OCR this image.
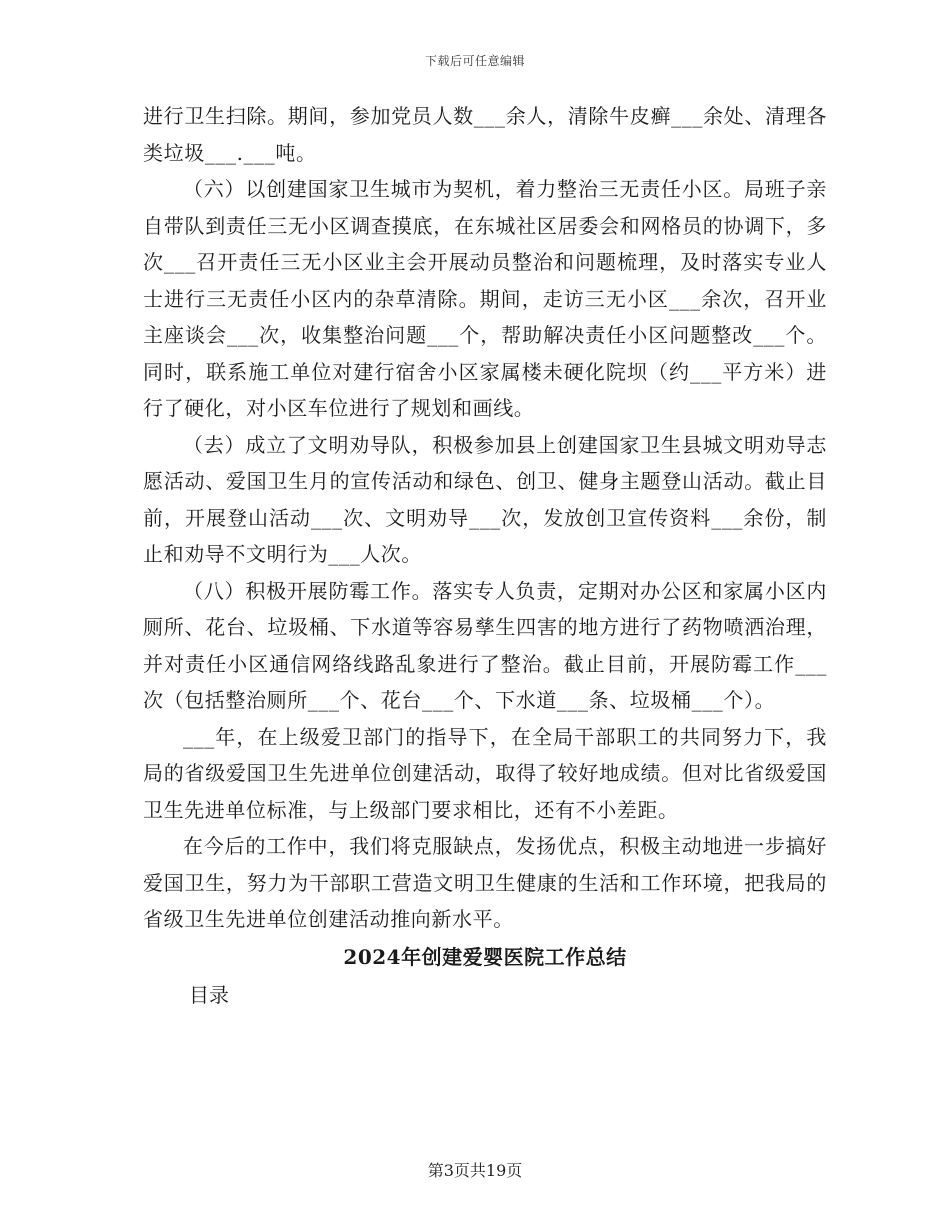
下载后可任意编辑

进行卫生扫除。期间，参加党员人数___余人，清除牛皮癣___余处、清理各类垃圾___.___吨。

（六）以创建国家卫生城市为契机，着力整治三无责任小区。局班子亲自带队到责任三无小区调查摸底，在东城社区居委会和网格员的协调下，多次___召开责任三无小区业主会开展动员整治和问题梳理，及时落实专业人士进行三无责任小区内的杂草清除。期间，走访三无小区___余次，召开业主座谈会___次，收集整治问题___个，帮助解决责任小区问题整改___个。同时，联系施工单位对建行宿舍小区家属楼未硬化院坝（约___平方米）进行了硬化，对小区车位进行了规划和画线。

（去）成立了文明劝导队，积极参加县上创建国家卫生县城文明劝导志愿活动、爱国卫生月的宣传活动和绿色、创卫、健身主题登山活动。截止目前，开展登山活动___次、文明劝导___次，发放创卫宣传资料___余份，制止和劝导不文明行为___人次。

（八）积极开展防霉工作。落实专人负责，定期对办公区和家属小区内厕所、花台、垃圾桶、下水道等容易孳生四害的地方进行了药物喷洒治理，并对责任小区通信网络线路乱象进行了整治。截止目前，开展防霉工作___次（包括整治厕所___个、花台___个、下水道___条、垃圾桶___个）。

___年，在上级爱卫部门的指导下，在全局干部职工的共同努力下，我局的省级爱国卫生先进单位创建活动，取得了较好地成绩。但对比省级爱国卫生先进单位标准，与上级部门要求相比，还有不小差距。

在今后的工作中，我们将克服缺点，发扬优点，积极主动地进一步搞好爱国卫生，努力为干部职工营造文明卫生健康的生活和工作环境，把我局的省级卫生先进单位创建活动推向新水平。

2024年创建爱婴医院工作总结

目录

第3页共19页
